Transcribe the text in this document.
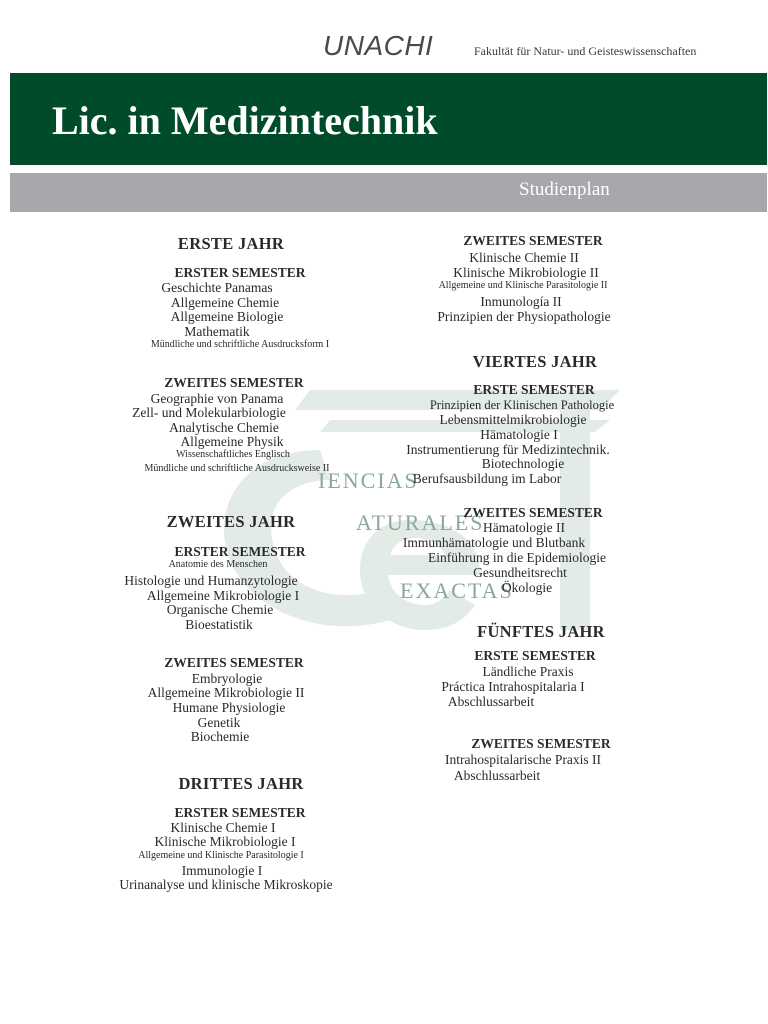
UNACHI	Fakultät für Natur- und Geisteswissenschaften
Lic. in Medizintechnik
Studienplan
IENCIAS
ATURALES
EXACTAS
ERSTE JAHR
ERSTER SEMESTER
Geschichte Panamas
Allgemeine Chemie
Allgemeine Biologie
Mathematik
Mündliche und schriftliche Ausdrucksform I
ZWEITES SEMESTER
Geographie von Panama
Zell- und Molekularbiologie
Analytische Chemie
Allgemeine Physik
Wissenschaftliches Englisch
Mündliche und schriftliche Ausdrucksweise II
ZWEITES JAHR
ERSTER SEMESTER
Anatomie des Menschen
Histologie und Humanzytologie
Allgemeine Mikrobiologie I
Organische Chemie
Bioestatistik
ZWEITES SEMESTER
Embryologie
Allgemeine Mikrobiologie II
Humane Physiologie
Genetik
Biochemie
DRITTES JAHR
ERSTER SEMESTER
Klinische Chemie I
Klinische Mikrobiologie I
Allgemeine und Klinische Parasitologie I
Immunologie I
Urinanalyse und klinische Mikroskopie
ZWEITES SEMESTER
Klinische Chemie II
Klinische Mikrobiologie II
Allgemeine und Klinische Parasitologie II
Inmunología II
Prinzipien der Physiopathologie
VIERTES JAHR
ERSTE SEMESTER
Prinzipien der Klinischen Pathologie
Lebensmittelmikrobiologie
Hämatologie I
Instrumentierung für Medizintechnik.
Biotechnologie
Berufsausbildung im Labor
ZWEITES SEMESTER
Hämatologie II
Immunhämatologie und Blutbank
Einführung in die Epidemiologie
Gesundheitsrecht
Ökologie
FÜNFTES JAHR
ERSTE SEMESTER
Ländliche Praxis
Práctica Intrahospitalaria I
Abschlussarbeit
ZWEITES SEMESTER
Intrahospitalarische Praxis II
Abschlussarbeit
